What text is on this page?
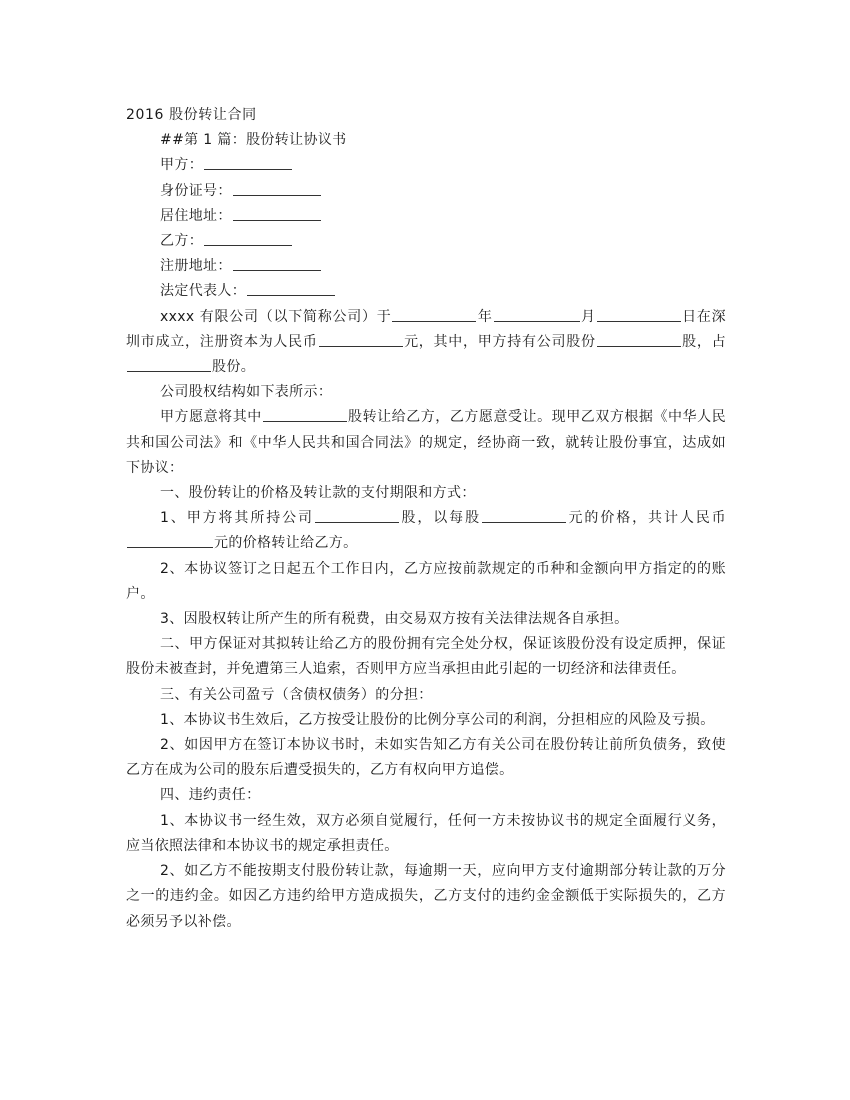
2016 股份转让合同

##第 1 篇：股份转让协议书

甲方：

身份证号：

居住地址：

乙方：

注册地址：

法定代表人：

xxxx 有限公司（以下简称公司）于	年	月	日在深圳市成立，注册资本为人民币	元，其中，甲方持有公司股份	股，占股份。

公司股权结构如下表所示：

甲方愿意将其中	股转让给乙方，乙方愿意受让。现甲乙双方根据《中华人民共和国公司法》和《中华人民共和国合同法》的规定，经协商一致，就转让股份事宜，达成如下协议：

一、股份转让的价格及转让款的支付期限和方式：

1、甲方将其所持公司	股，以每股	元的价格，共计人民币元的价格转让给乙方。

2、本协议签订之日起五个工作日内，乙方应按前款规定的币种和金额向甲方指定的的账户。

3、因股权转让所产生的所有税费，由交易双方按有关法律法规各自承担。

二、甲方保证对其拟转让给乙方的股份拥有完全处分权，保证该股份没有设定质押，保证股份未被查封，并免遭第三人追索，否则甲方应当承担由此引起的一切经济和法律责任。

三、有关公司盈亏（含债权债务）的分担：

1、本协议书生效后，乙方按受让股份的比例分享公司的利润，分担相应的风险及亏损。

2、如因甲方在签订本协议书时，未如实告知乙方有关公司在股份转让前所负债务，致使乙方在成为公司的股东后遭受损失的，乙方有权向甲方追偿。

四、违约责任：

1、本协议书一经生效，双方必须自觉履行，任何一方未按协议书的规定全面履行义务，应当依照法律和本协议书的规定承担责任。

2、如乙方不能按期支付股份转让款，每逾期一天，应向甲方支付逾期部分转让款的万分之一的违约金。如因乙方违约给甲方造成损失，乙方支付的违约金金额低于实际损失的，乙方必须另予以补偿。
